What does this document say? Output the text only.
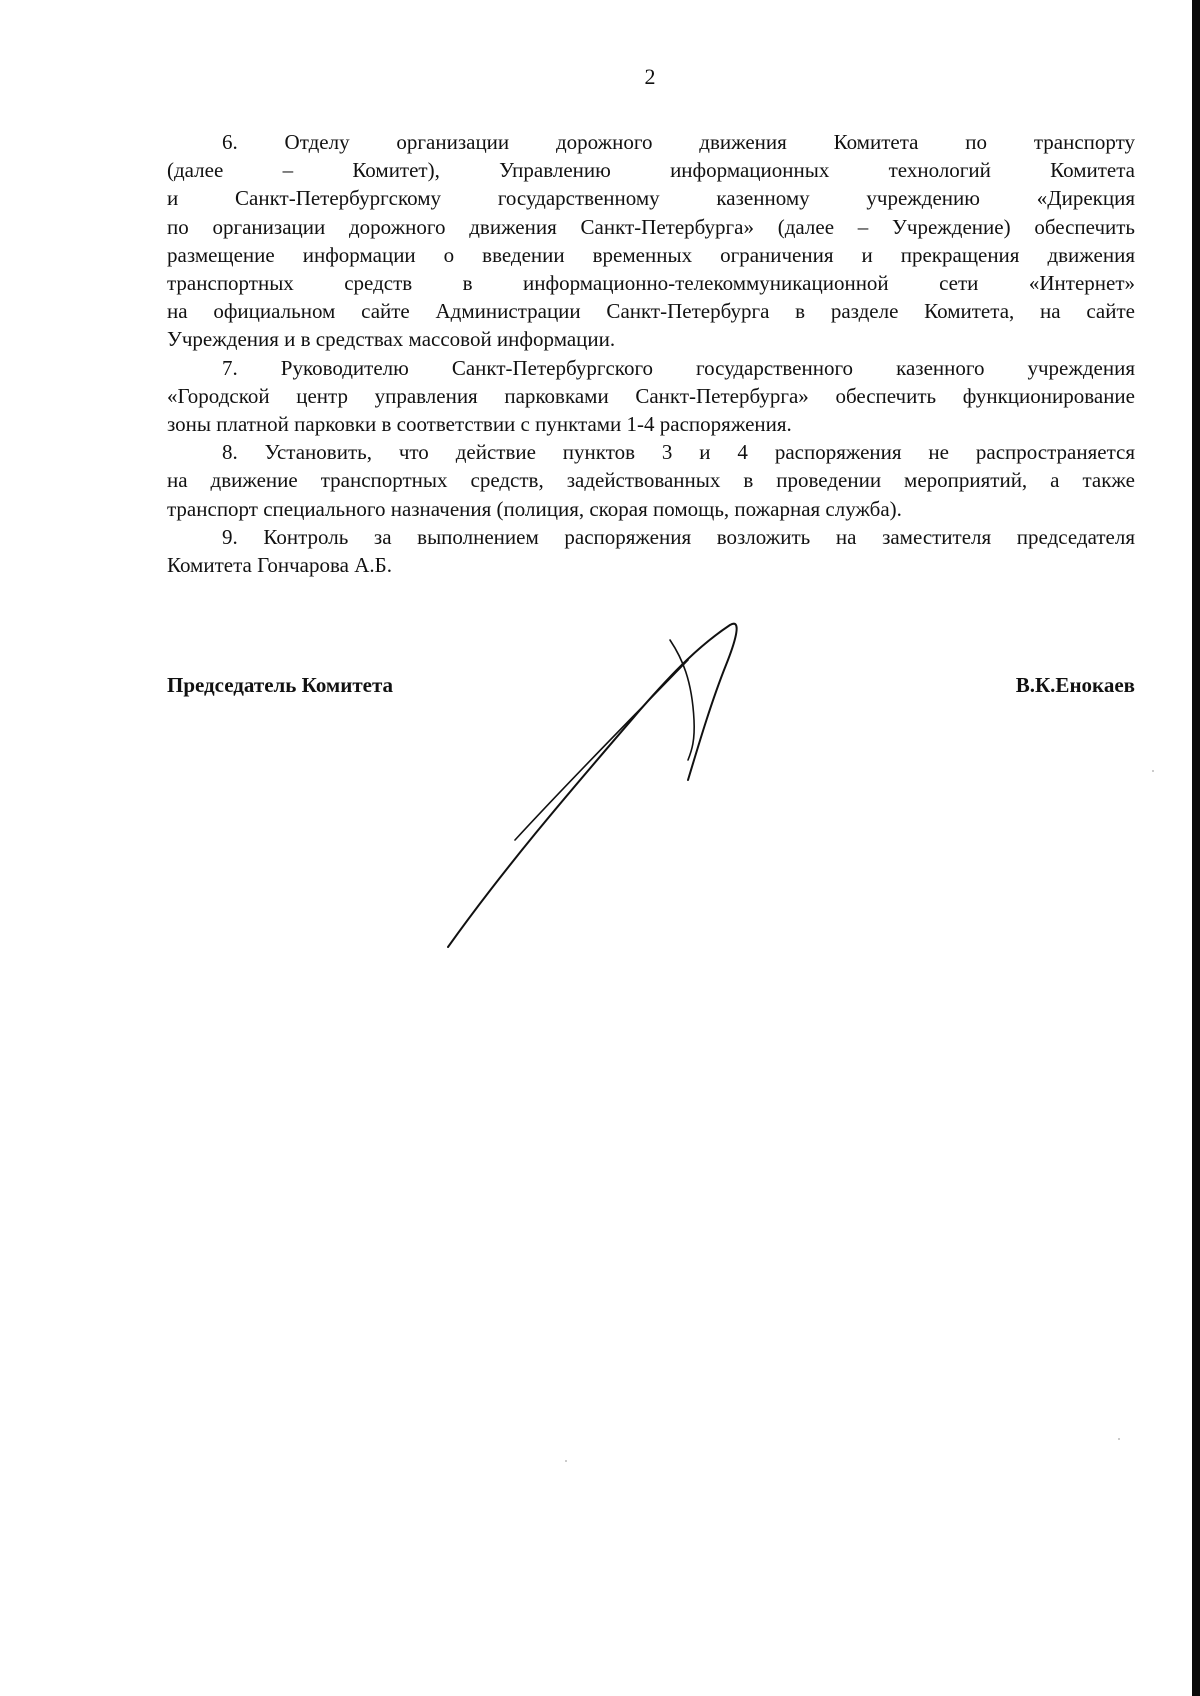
2
6. Отделу организации дорожного движения Комитета по транспорту
(далее – Комитет), Управлению информационных технологий Комитета
и Санкт-Петербургскому государственному казенному учреждению «Дирекция
по организации дорожного движения Санкт-Петербурга» (далее – Учреждение) обеспечить
размещение информации о введении временных ограничения и прекращения движения
транспортных средств в информационно-телекоммуникационной сети «Интернет»
на официальном сайте Администрации Санкт-Петербурга в разделе Комитета, на сайте
Учреждения и в средствах массовой информации.
7. Руководителю Санкт-Петербургского государственного казенного учреждения
«Городской центр управления парковками Санкт-Петербурга» обеспечить функционирование
зоны платной парковки в соответствии с пунктами 1-4 распоряжения.
8. Установить, что действие пунктов 3 и 4 распоряжения не распространяется
на движение транспортных средств, задействованных в проведении мероприятий, а также
транспорт специального назначения (полиция, скорая помощь, пожарная служба).
9. Контроль за выполнением распоряжения возложить на заместителя председателя
Комитета Гончарова А.Б.
Председатель Комитета	В.К.Енокаев
